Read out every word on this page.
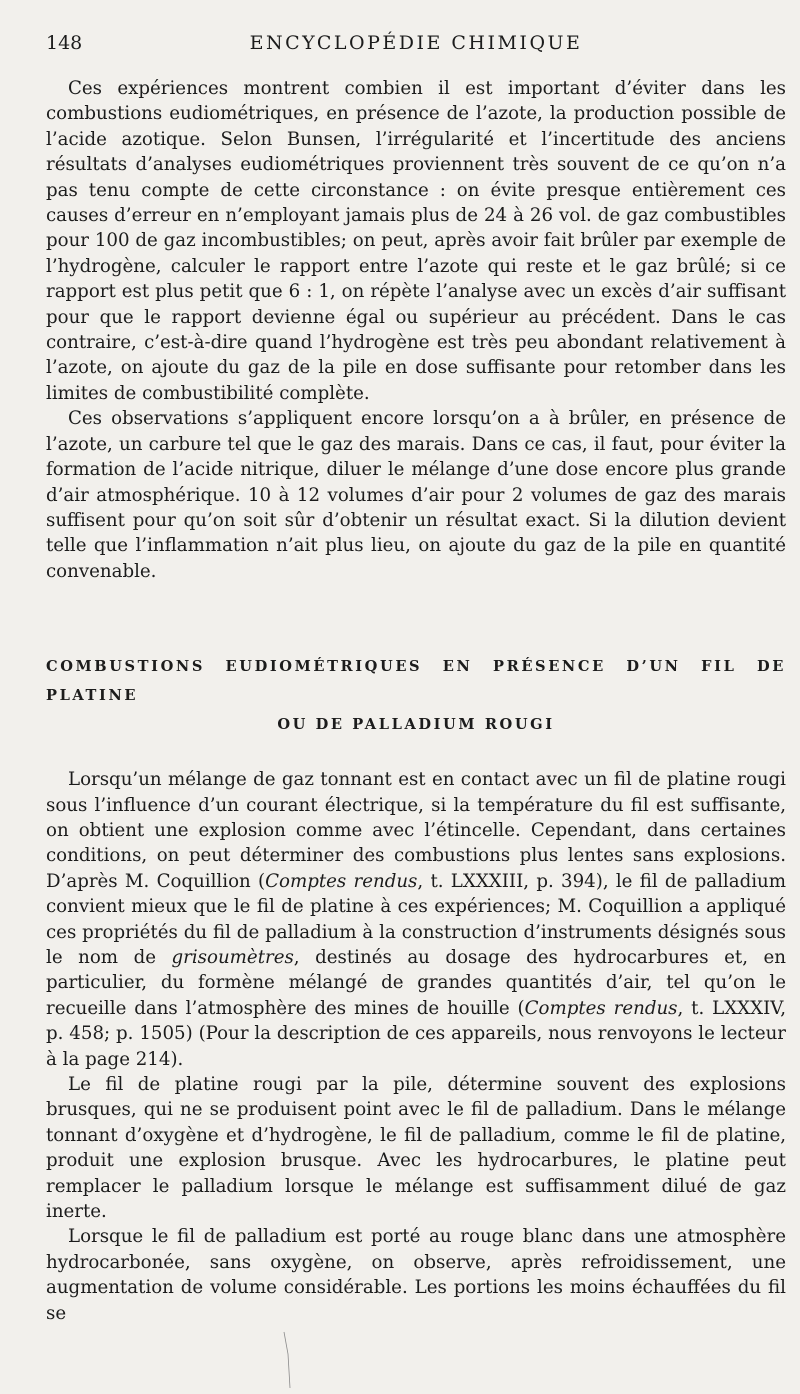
148	ENCYCLOPÉDIE CHIMIQUE

Ces expériences montrent combien il est important d’éviter dans les combustions eudiométriques, en présence de l’azote, la production possible de l’acide azotique. Selon Bunsen, l’irrégularité et l’incertitude des anciens résultats d’analyses eudiométriques proviennent très souvent de ce qu’on n’a pas tenu compte de cette circonstance : on évite presque entièrement ces causes d’erreur en n’employant jamais plus de 24 à 26 vol. de gaz combustibles pour 100 de gaz incombustibles; on peut, après avoir fait brûler par exemple de l’hydrogène, calculer le rapport entre l’azote qui reste et le gaz brûlé; si ce rapport est plus petit que 6 : 1, on répète l’analyse avec un excès d’air suffisant pour que le rapport devienne égal ou supérieur au précédent. Dans le cas contraire, c’est-à-dire quand l’hydrogène est très peu abondant relativement à l’azote, on ajoute du gaz de la pile en dose suffisante pour retomber dans les limites de combustibilité complète.

Ces observations s’appliquent encore lorsqu’on a à brûler, en présence de l’azote, un carbure tel que le gaz des marais. Dans ce cas, il faut, pour éviter la formation de l’acide nitrique, diluer le mélange d’une dose encore plus grande d’air atmosphérique. 10 à 12 volumes d’air pour 2 volumes de gaz des marais suffisent pour qu’on soit sûr d’obtenir un résultat exact. Si la dilution devient telle que l’inflammation n’ait plus lieu, on ajoute du gaz de la pile en quantité convenable.

COMBUSTIONS EUDIOMÉTRIQUES EN PRÉSENCE D’UN FIL DE PLATINE
OU DE PALLADIUM ROUGI

Lorsqu’un mélange de gaz tonnant est en contact avec un fil de platine rougi sous l’influence d’un courant électrique, si la température du fil est suffisante, on obtient une explosion comme avec l’étincelle. Cependant, dans certaines conditions, on peut déterminer des combustions plus lentes sans explosions. D’après M. Coquillion (Comptes rendus, t. LXXXIII, p. 394), le fil de palladium convient mieux que le fil de platine à ces expériences; M. Coquillion a appliqué ces propriétés du fil de palladium à la construction d’instruments désignés sous le nom de grisoumètres, destinés au dosage des hydrocarbures et, en particulier, du formène mélangé de grandes quantités d’air, tel qu’on le recueille dans l’atmosphère des mines de houille (Comptes rendus, t. LXXXIV, p. 458; p. 1505) (Pour la description de ces appareils, nous renvoyons le lecteur à la page 214).

Le fil de platine rougi par la pile, détermine souvent des explosions brusques, qui ne se produisent point avec le fil de palladium. Dans le mélange tonnant d’oxygène et d’hydrogène, le fil de palladium, comme le fil de platine, produit une explosion brusque. Avec les hydrocarbures, le platine peut remplacer le palladium lorsque le mélange est suffisamment dilué de gaz inerte.

Lorsque le fil de palladium est porté au rouge blanc dans une atmosphère hydrocarbonée, sans oxygène, on observe, après refroidissement, une augmentation de volume considérable. Les portions les moins échauffées du fil se
